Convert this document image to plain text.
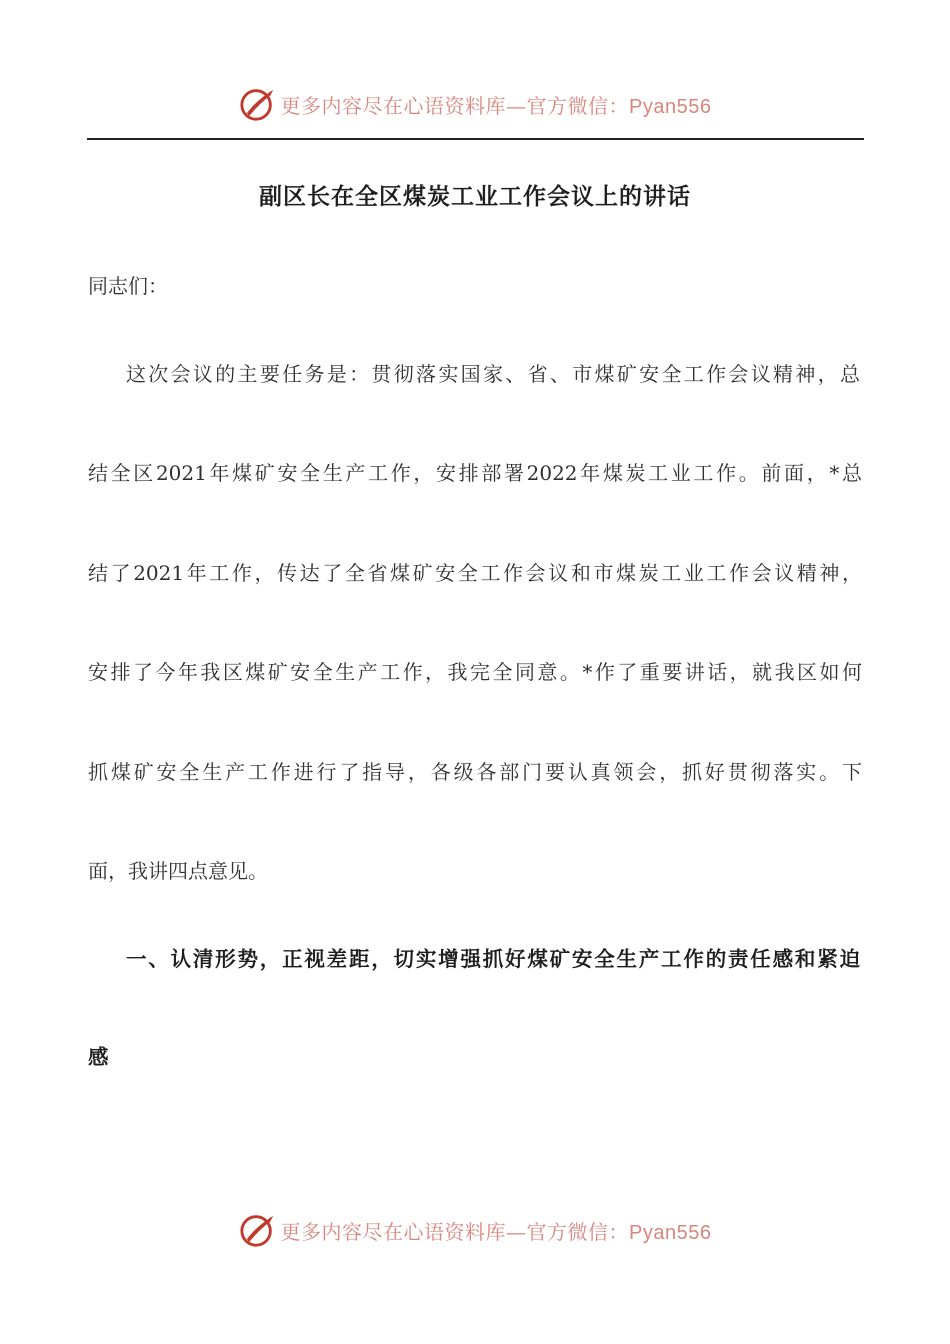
更多内容尽在心语资料库—官方微信：Pyan556
副区长在全区煤炭工业工作会议上的讲话
同志们：
这次会议的主要任务是：贯彻落实国家、省、市煤矿安全工作会议精神，总
结全区2021年煤矿安全生产工作，安排部署2022年煤炭工业工作。前面，*总
结了2021年工作，传达了全省煤矿安全工作会议和市煤炭工业工作会议精神，
安排了今年我区煤矿安全生产工作，我完全同意。*作了重要讲话，就我区如何
抓煤矿安全生产工作进行了指导，各级各部门要认真领会，抓好贯彻落实。下
面，我讲四点意见。
一、认清形势，正视差距，切实增强抓好煤矿安全生产工作的责任感和紧迫
感
更多内容尽在心语资料库—官方微信：Pyan556
